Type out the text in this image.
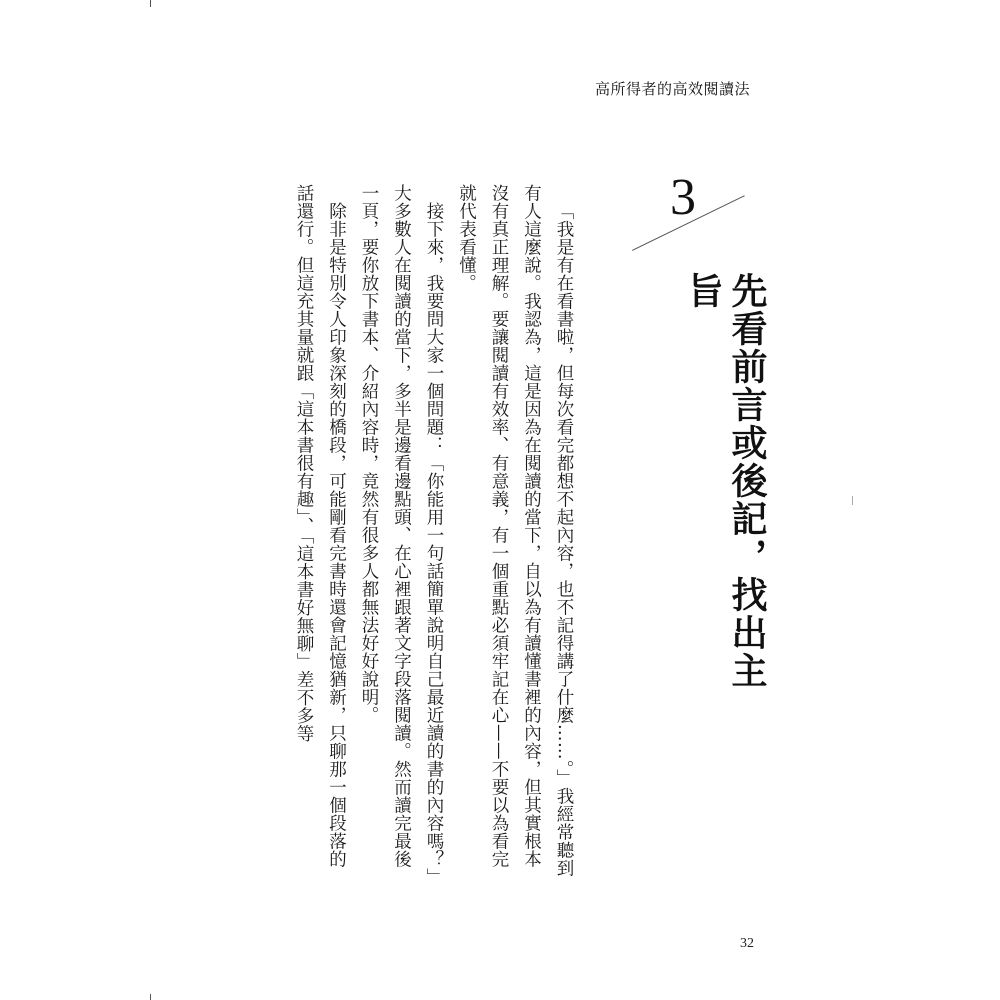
高所得者的高效閱讀法
3
先看前言或後記，找出主旨

「我是有在看書啦，但每次看完都想不起內容，也不記得講了什麼……。」我經常聽到有人這麼說。我認為，這是因為在閱讀的當下，自以為有讀懂書裡的內容，但其實根本沒有真正理解。要讓閱讀有效率、有意義，有一個重點必須牢記在心——不要以為看完就代表看懂。

接下來，我要問大家一個問題：「你能用一句話簡單說明自己最近讀的書的內容嗎？」大多數人在閱讀的當下，多半是邊看邊點頭、在心裡跟著文字段落閱讀。然而讀完最後一頁，要你放下書本、介紹內容時，竟然有很多人都無法好好說明。

除非是特別令人印象深刻的橋段，可能剛看完書時還會記憶猶新，只聊那一個段落的話還行。但這充其量就跟「這本書很有趣」、「這本書好無聊」差不多等

32
